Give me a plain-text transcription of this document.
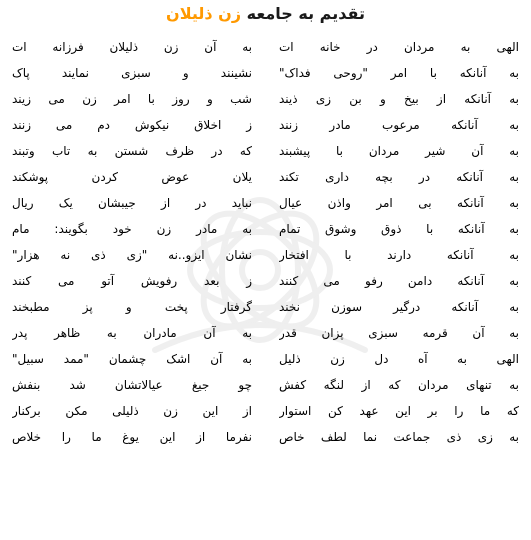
تقدیم به جامعه زن ذلیلان
الهی به مردان در خانه ات
به آنانکه با امر "روحی فداک"
به آنانکه از بیخ و بن زی ذیند
به آنانکه مرعوب مادر زنند
به آن شیر مردان با پیشبند
به آنانکه در بچه داری تکند
به آنانکه بی امر واذن عیال
به آنانکه با ذوق وشوق تمام
به آنانکه دارند با افتخار
به آنانکه دامن رفو می کنند
به آنانکه درگیر سوزن نخند
به آن قرمه سبزی پزان قدر
الهی به آه دل زن ذلیل
به تنهای مردان که از لنگه کفش
که ما را بر این عهد کن استوار
به زی ذی جماعت نما لطف خاص
به آن زن ذلیلان فرزانه ات
نشینند و سبزی نمایند پاک
شب و روز با امر زن می زیند
ز اخلاق نیکوش دم می زنند
که در ظرف شستن به تاب وتبند
یلان عوض کردن پوشکند
نباید در از جیبشان یک ریال
به مادر زن خود بگویند: مام
نشان ایزو..نه "زی ذی نه هزار"
ز بعد رفویش آتو می کنند
گرفتار پخت و پز مطبخند
به آن مادران به ظاهر پدر
به آن اشک چشمان "ممد سبیل"
چو جیغ عیالاتشان شد بنفش
از این زن ذلیلی مکن برکنار
نفرما از این یوغ ما را خلاص
